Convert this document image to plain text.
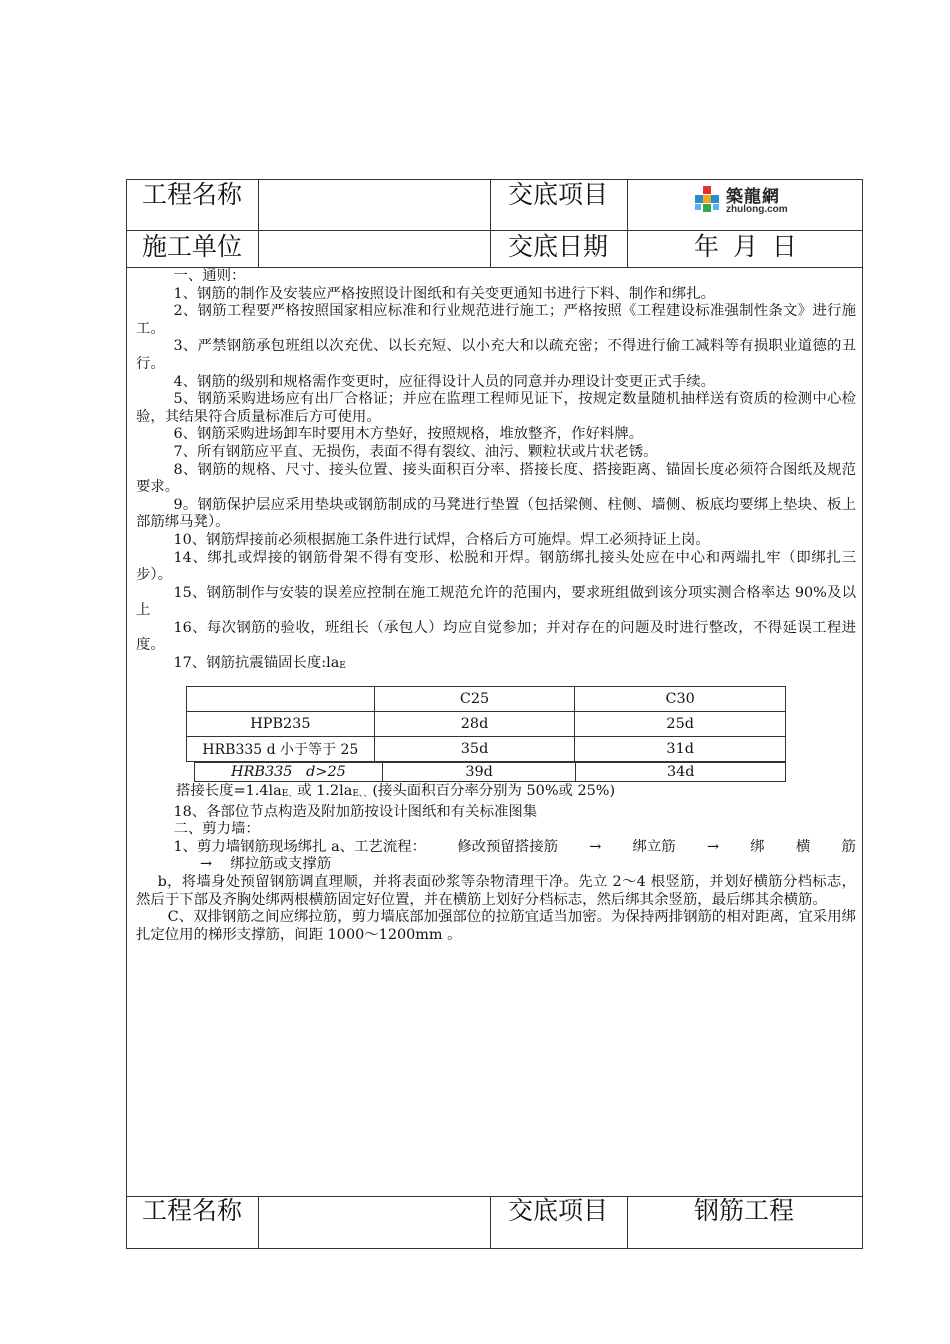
工程名称	交底项目
施工单位	交底日期	年 月 日
築龍網
zhulong.com

一、通则：

1、钢筋的制作及安装应严格按照设计图纸和有关变更通知书进行下料、制作和绑扎。

2、钢筋工程要严格按照国家相应标准和行业规范进行施工；严格按照《工程建设标准强制性条文》进行施工。

3、严禁钢筋承包班组以次充优、以长充短、以小充大和以疏充密；不得进行偷工减料等有损职业道德的丑行。

4、钢筋的级别和规格需作变更时，应征得设计人员的同意并办理设计变更正式手续。

5、钢筋采购进场应有出厂合格证；并应在监理工程师见证下，按规定数量随机抽样送有资质的检测中心检验，其结果符合质量标准后方可使用。

6、钢筋采购进场卸车时要用木方垫好，按照规格，堆放整齐，作好料牌。

7、所有钢筋应平直、无损伤，表面不得有裂纹、油污、颗粒状或片状老锈。

8、钢筋的规格、尺寸、接头位置、接头面积百分率、搭接长度、搭接距离、锚固长度必须符合图纸及规范要求。

9。钢筋保护层应采用垫块或钢筋制成的马凳进行垫置（包括梁侧、柱侧、墙侧、板底均要绑上垫块、板上部筋绑马凳）。

10、钢筋焊接前必须根据施工条件进行试焊，合格后方可施焊。焊工必须持证上岗。

14、绑扎或焊接的钢筋骨架不得有变形、松脱和开焊。钢筋绑扎接头处应在中心和两端扎牢（即绑扎三步）。

15、钢筋制作与安装的误差应控制在施工规范允许的范围内，要求班组做到该分项实测合格率达 90%及以上

16、每次钢筋的验收，班组长（承包人）均应自觉参加；并对存在的问题及时进行整改，不得延误工程进度。

17、钢筋抗震锚固长度:laE

	C25	C30
HPB235	28d	25d
HRB335 d 小于等于 25	35d	31d
HRB335   d>25	39d	34d

搭接长度=1.4laE、或 1.2laE、、(接头面积百分率分别为 50%或 25%)

18、各部位节点构造及附加筋按设计图纸和有关标准图集

二、剪力墙：

1、剪力墙钢筋现场绑扎 a、工艺流程： 修改预留搭接筋 → 绑立筋 → 绑 横 筋

→    绑拉筋或支撑筋

b，将墙身处预留钢筋调直理顺，并将表面砂浆等杂物清理干净。先立 2～4 根竖筋，并划好横筋分档标志，然后于下部及齐胸处绑两根横筋固定好位置，并在横筋上划好分档标志，然后绑其余竖筋，最后绑其余横筋。

C、双排钢筋之间应绑拉筋，剪力墙底部加强部位的拉筋宜适当加密。为保持两排钢筋的相对距离，宜采用绑扎定位用的梯形支撑筋，间距 1000～1200mm 。

工程名称	交底项目	钢筋工程
